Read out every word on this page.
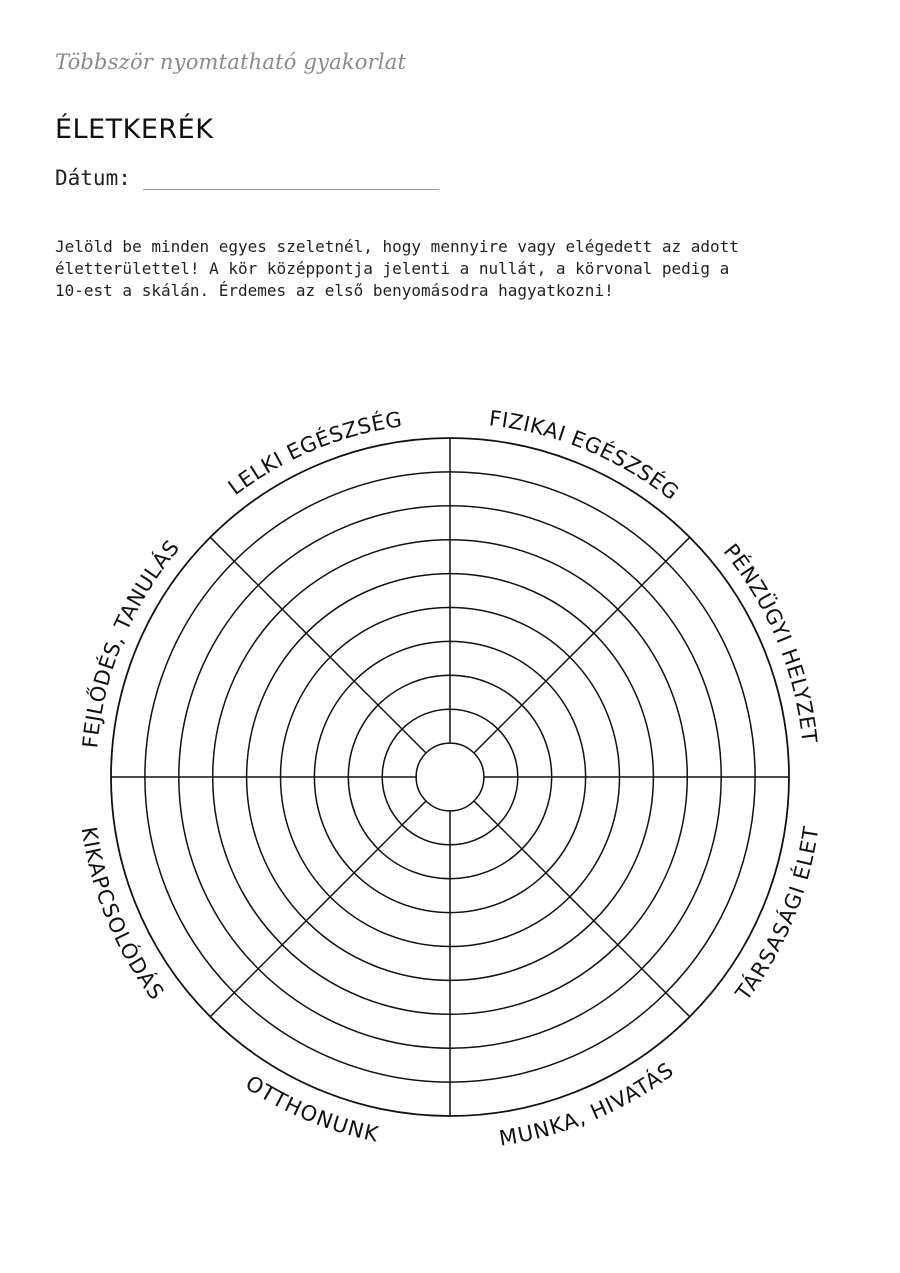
Többször nyomtatható gyakorlat
ÉLETKERÉK
Dátum:

Jelöld be minden egyes szeletnél, hogy mennyire vagy elégedett az adott
életterülettel! A kör középpontja jelenti a nullát, a körvonal pedig a
10-est a skálán. Érdemes az első benyomásodra hagyatkozni!

FIZIKAI EGÉSZSÉG
PÉNZÜGYI HELYZET
TÁRSASÁGI ÉLET
MUNKA, HIVATÁS
OTTHONUNK
KIKAPCSOLÓDÁS
FEJLŐDÉS, TANULÁS
LELKI EGÉSZSÉG
